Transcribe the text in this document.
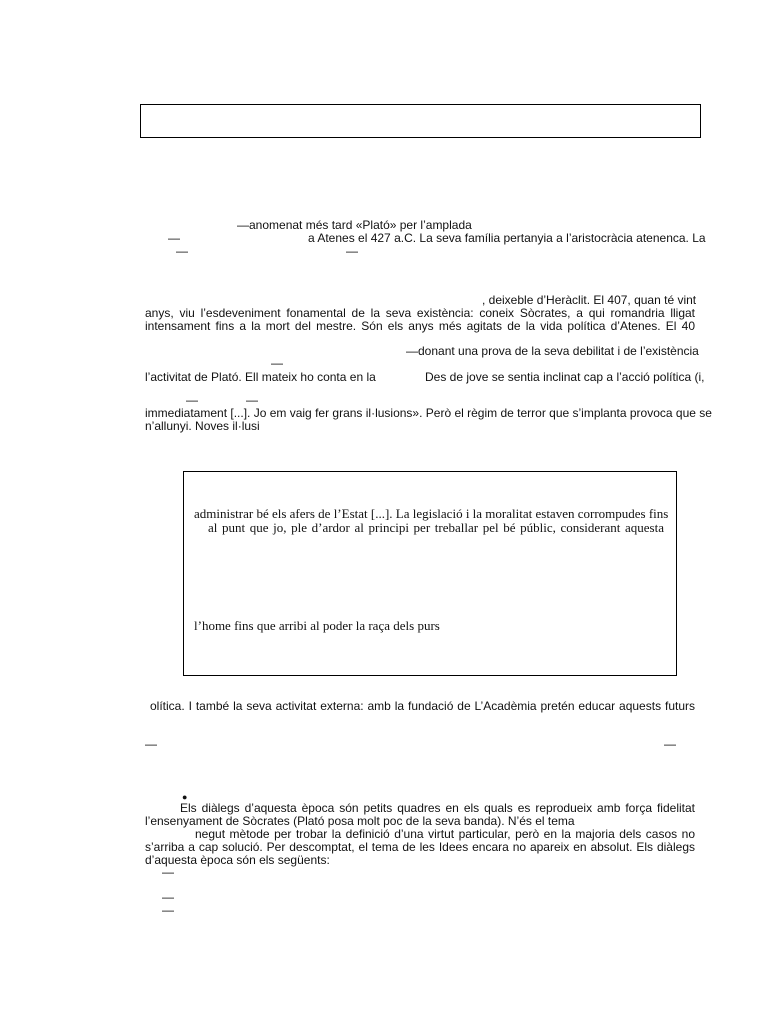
—anomenat més tard «Plató» per l’amplada
—	a Atenes el 427 a.C. La seva família pertanyia a l’aristocràcia atenenca. La
—	—
, deixeble d’Heràclit. El 407, quan té vint
anys, viu l’esdeveniment fonamental de la seva existència: coneix Sòcrates, a qui romandria lligat
intensament fins a la mort del mestre. Són els anys més agitats de la vida política d’Atenes. El 40
—donant una prova de la seva debilitat i de l’existència
—
l’activitat de Plató. Ell mateix ho conta en la	Des de jove se sentia inclinat cap a l’acció política (i,
—	—
immediatament [...]. Jo em vaig fer grans il·lusions». Però el règim de terror que s’implanta provoca que se
n’allunyi. Noves il·lusi
administrar bé els afers de l’Estat [...]. La legislació i la moralitat estaven corrompudes fins
al punt que jo, ple d’ardor al principi per treballar pel bé públic, considerant aquesta
l’home fins que arribi al poder la raça dels purs
olítica. I també la seva activitat externa: amb la fundació de L’Acadèmia pretén educar aquests futurs
—	—
●
Els diàlegs d’aquesta època són petits quadres en els quals es reprodueix amb força fidelitat
l’ensenyament de Sòcrates (Plató posa molt poc de la seva banda). N’és el tema
negut mètode per trobar la definició d’una virtut particular, però en la majoria dels casos no
s’arriba a cap solució. Per descomptat, el tema de les Idees encara no apareix en absolut. Els diàlegs
d’aquesta època són els següents:
—
—
—
